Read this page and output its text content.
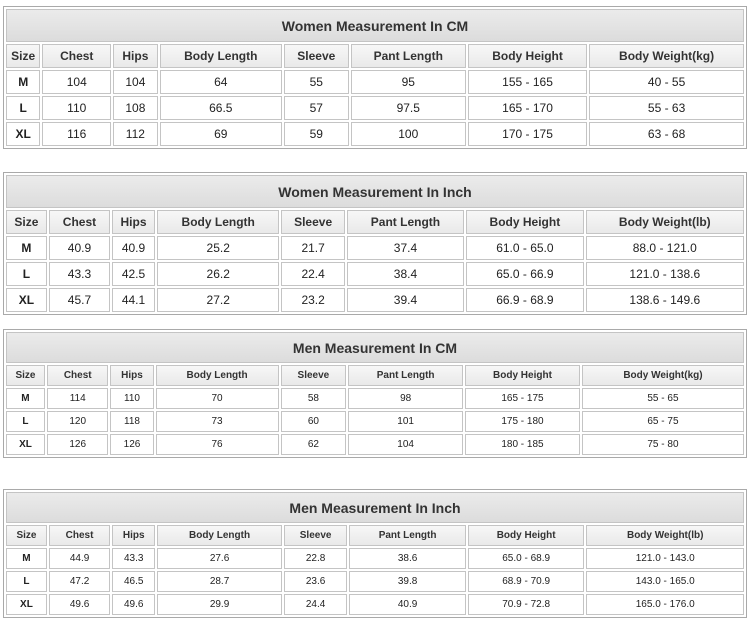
Women Measurement In CM							
Size	Chest	Hips	Body Length	Sleeve	Pant Length	Body Height	Body Weight(kg)
M	104	104	64	55	95	155 - 165	40 - 55
L	110	108	66.5	57	97.5	165 - 170	55 - 63
XL	116	112	69	59	100	170 - 175	63 - 68
Women Measurement In Inch							
Size	Chest	Hips	Body Length	Sleeve	Pant Length	Body Height	Body Weight(lb)
M	40.9	40.9	25.2	21.7	37.4	61.0 - 65.0	88.0 - 121.0
L	43.3	42.5	26.2	22.4	38.4	65.0 - 66.9	121.0 - 138.6
XL	45.7	44.1	27.2	23.2	39.4	66.9 - 68.9	138.6 - 149.6
Men Measurement In CM							
Size	Chest	Hips	Body Length	Sleeve	Pant Length	Body Height	Body Weight(kg)
M	114	110	70	58	98	165 - 175	55 - 65
L	120	118	73	60	101	175 - 180	65 - 75
XL	126	126	76	62	104	180 - 185	75 - 80
Men Measurement In Inch							
Size	Chest	Hips	Body Length	Sleeve	Pant Length	Body Height	Body Weight(lb)
M	44.9	43.3	27.6	22.8	38.6	65.0 - 68.9	121.0 - 143.0
L	47.2	46.5	28.7	23.6	39.8	68.9 - 70.9	143.0 - 165.0
XL	49.6	49.6	29.9	24.4	40.9	70.9 - 72.8	165.0 - 176.0
